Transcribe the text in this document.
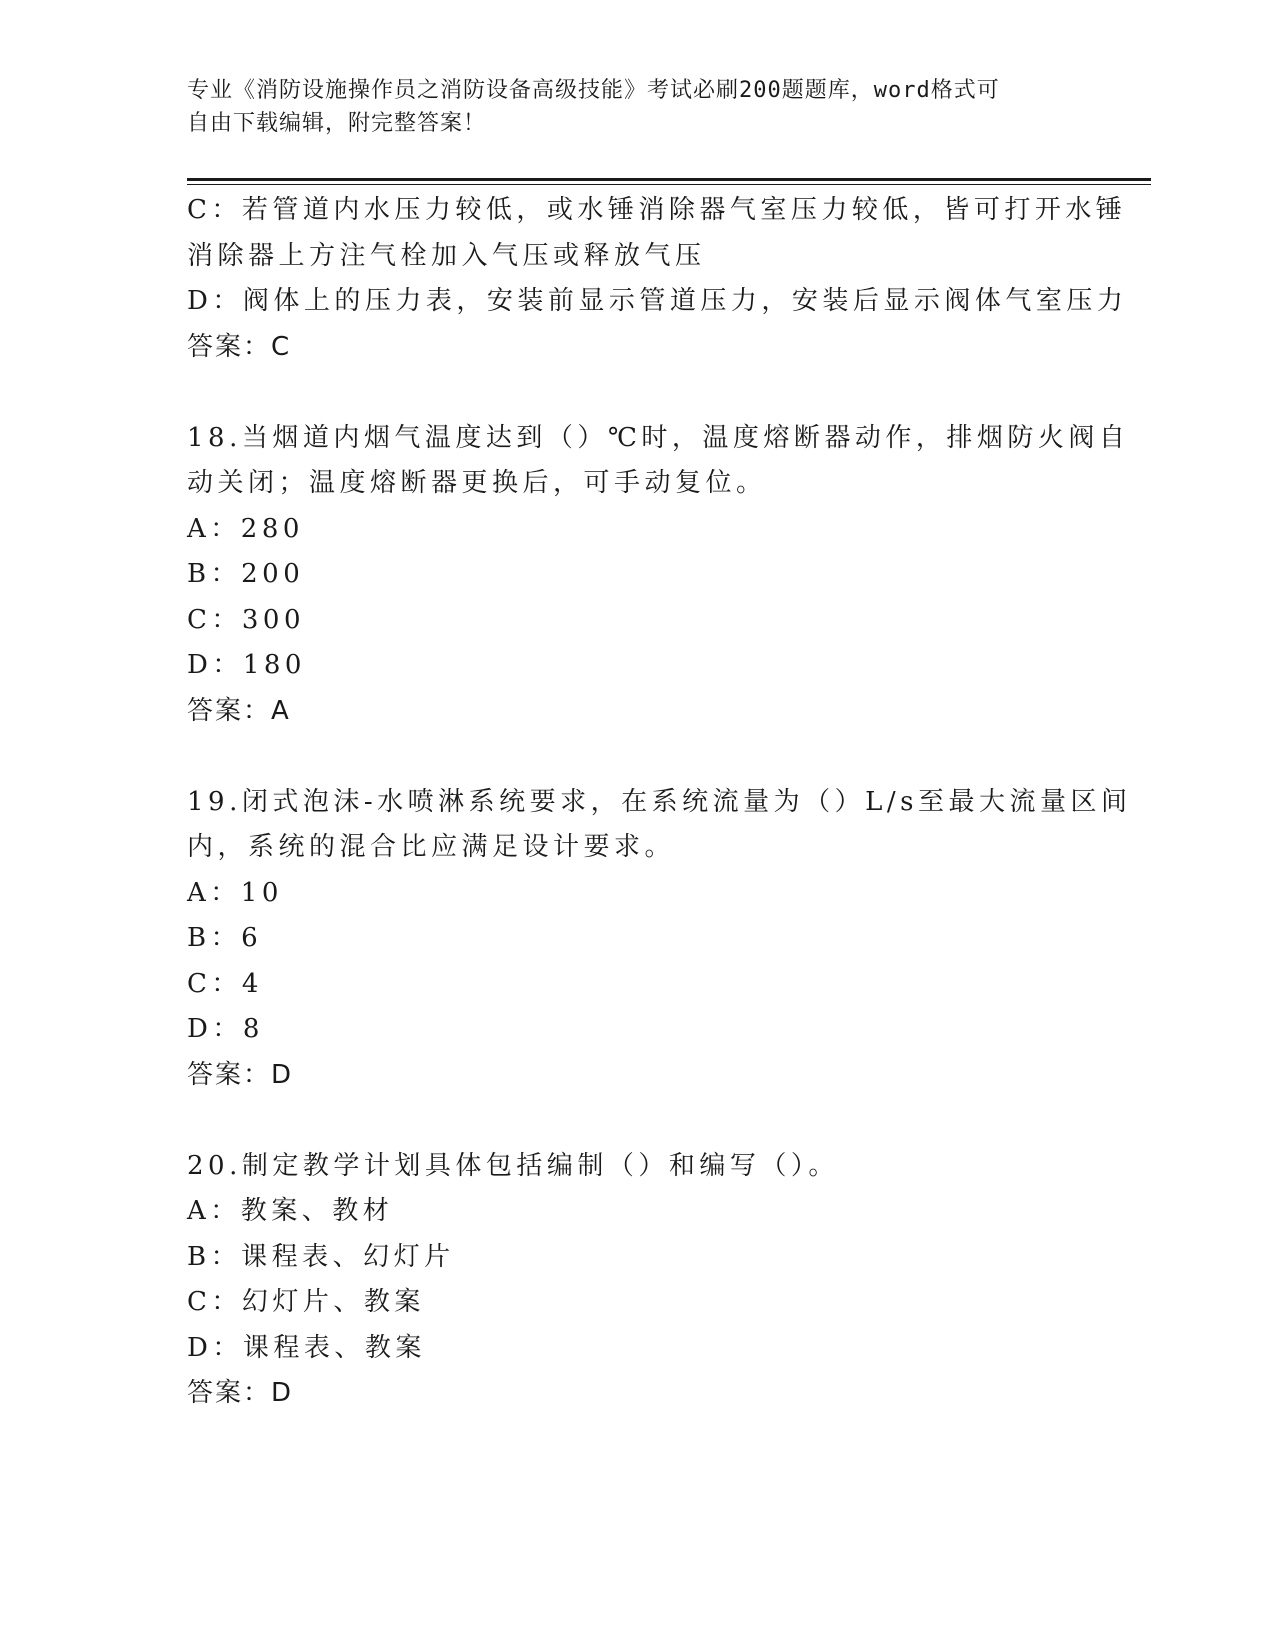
专业《消防设施操作员之消防设备高级技能》考试必刷200题题库，word格式可
自由下载编辑，附完整答案！
C：若管道内水压力较低，或水锤消除器气室压力较低，皆可打开水锤
消除器上方注气栓加入气压或释放气压
D：阀体上的压力表，安装前显示管道压力，安装后显示阀体气室压力
答案：C
18.当烟道内烟气温度达到（）℃时，温度熔断器动作，排烟防火阀自
动关闭；温度熔断器更换后，可手动复位。
A：280
B：200
C：300
D：180
答案：A
19.闭式泡沫-水喷淋系统要求，在系统流量为（）L/s至最大流量区间
内，系统的混合比应满足设计要求。
A：10
B：6
C：4
D：8
答案：D
20.制定教学计划具体包括编制（）和编写（）。
A：教案、教材
B：课程表、幻灯片
C：幻灯片、教案
D：课程表、教案
答案：D
